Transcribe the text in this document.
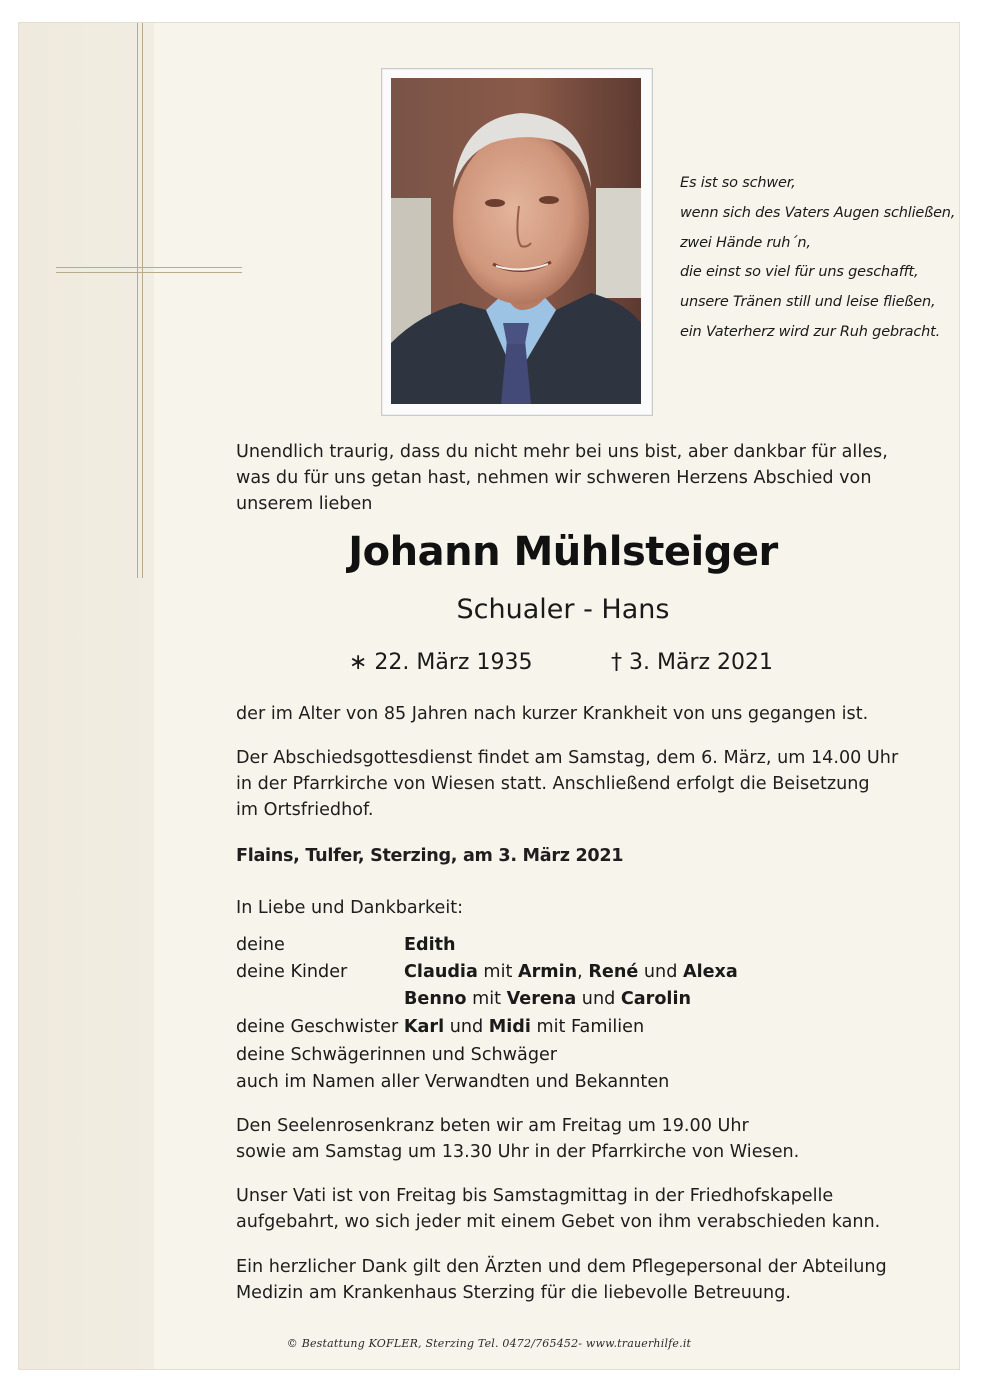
Es ist so schwer,
wenn sich des Vaters Augen schließen,
zwei Hände ruh´n,
die einst so viel für uns geschafft,
unsere Tränen still und leise fließen,
ein Vaterherz wird zur Ruh gebracht.
Unendlich traurig, dass du nicht mehr bei uns bist, aber dankbar für alles,
was du für uns getan hast, nehmen wir schweren Herzens Abschied von
unserem lieben
Johann Mühlsteiger
Schualer - Hans
∗ 22. März 1935	† 3. März 2021
der im Alter von 85 Jahren nach kurzer Krankheit von uns gegangen ist.
Der Abschiedsgottesdienst findet am Samstag, dem 6. März, um 14.00 Uhr
in der Pfarrkirche von Wiesen statt. Anschließend erfolgt die Beisetzung
im Ortsfriedhof.
Flains, Tulfer, Sterzing, am 3. März 2021
In Liebe und Dankbarkeit:
deine	Edith
deine Kinder	Claudia mit Armin, René und Alexa
Benno mit Verena und Carolin
deine Geschwister Karl und Midi mit Familien
deine Schwägerinnen und Schwäger
auch im Namen aller Verwandten und Bekannten
Den Seelenrosenkranz beten wir am Freitag um 19.00 Uhr
sowie am Samstag um 13.30 Uhr in der Pfarrkirche von Wiesen.
Unser Vati ist von Freitag bis Samstagmittag in der Friedhofskapelle
aufgebahrt, wo sich jeder mit einem Gebet von ihm verabschieden kann.
Ein herzlicher Dank gilt den Ärzten und dem Pflegepersonal der Abteilung
Medizin am Krankenhaus Sterzing für die liebevolle Betreuung.
© Bestattung KOFLER, Sterzing Tel. 0472/765452- www.trauerhilfe.it
